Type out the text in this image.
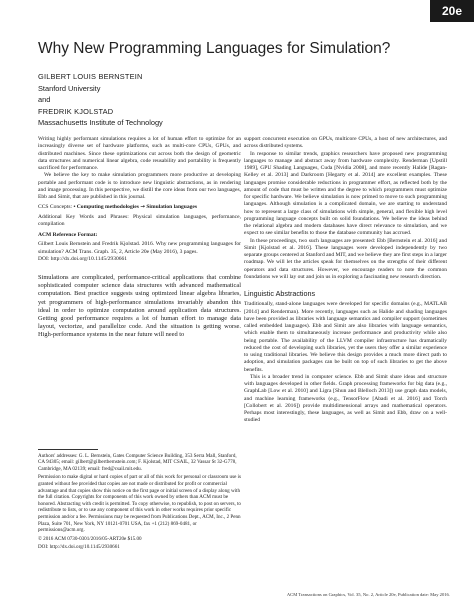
20e
Why New Programming Languages for Simulation?
GILBERT LOUIS BERNSTEIN
Stanford University
and
FREDRIK KJOLSTAD
Massachusetts Institute of Technology

Writing highly performant simulations requires a lot of human effort to optimize for an increasingly diverse set of hardware platforms, such as multi-core CPUs, GPUs, and distributed machines. Since these optimizations cut across both the design of geometric data structures and numerical linear algebra, code reusability and portability is frequently sacrificed for performance.

We believe the key to make simulation programmers more productive at developing portable and performant code is to introduce new linguistic abstractions, as in rendering and image processing. In this perspective, we distill the core ideas from our two languages, Ebb and Simit, that are published in this journal.

CCS Concepts: • Computing methodologies → Simulation languages

Additional Key Words and Phrases: Physical simulation languages, performance, compilation

ACM Reference Format:

Gilbert Louis Bernstein and Fredrik Kjolstad. 2016. Why new programming languages for simulation? ACM Trans. Graph. 35, 2, Article 20e (May 2016), 3 pages.

DOI: http://dx.doi.org/10.1145/2930661

Simulations are complicated, performance-critical applications that combine sophisticated computer science data structures with advanced mathematical computation. Best practice suggests using optimized linear algebra libraries, yet programmers of high-performance simulations invariably abandon this ideal in order to optimize computation around application data structures. Getting good performance requires a lot of human effort to manage data layout, vectorize, and parallelize code. And the situation is getting worse. High-performance systems in the near future will need to

Authors' addresses: G. L. Bernstein, Gates Computer Science Building, 353 Serra Mall, Stanford, CA 94305; email: gilbert@gilbertbernstein.com; F. Kjolstad, MIT CSAIL, 32 Vassar St 32-G778, Cambridge, MA 02139; email: fred@csail.mit.edu.

Permission to make digital or hard copies of part or all of this work for personal or classroom use is granted without fee provided that copies are not made or distributed for profit or commercial advantage and that copies show this notice on the first page or initial screen of a display along with the full citation. Copyrights for components of this work owned by others than ACM must be honored. Abstracting with credit is permitted. To copy otherwise, to republish, to post on servers, to redistribute to lists, or to use any component of this work in other works requires prior specific permission and/or a fee. Permissions may be requested from Publications Dept., ACM, Inc., 2 Penn Plaza, Suite 701, New York, NY 10121-0701 USA, fax +1 (212) 869-0481, or permissions@acm.org.

© 2016 ACM 0730-0301/2016/05-ART20e $15.00

DOI: http://dx.doi.org/10.1145/2930661

support concurrent execution on GPUs, multicore CPUs, a host of new architectures, and across distributed systems.

In response to similar trends, graphics researchers have proposed new programming languages to manage and abstract away from hardware complexity. Renderman [Upstill 1989], GPU Shading Languages, Cuda [Nvidia 2008], and more recently Halide [Ragan-Kelley et al. 2013] and Darkroom [Hegarty et al. 2014] are excellent examples. These languages promise considerable reductions in programmer effort, as reflected both by the amount of code that must be written and the degree to which programmers must optimize for specific hardware. We believe simulation is now primed to move to such programming languages. Although simulation is a complicated domain, we are starting to understand how to represent a large class of simulations with simple, general, and flexible high level programming language concepts built on solid foundations. We believe the ideas behind the relational algebra and modern databases have direct relevance to simulation, and we expect to see similar benefits to those the database community has accrued.

In these proceedings, two such languages are presented: Ebb [Bernstein et al. 2016] and Simit [Kjolstad et al. 2016]. These languages were developed independently by two separate groups centered at Stanford and MIT, and we believe they are first steps in a larger roadmap. We will let the articles speak for themselves on the strengths of their different operators and data structures. However, we encourage readers to note the common foundations we will lay out and join us in exploring a fascinating new research direction.

Linguistic Abstractions

Traditionally, stand-alone languages were developed for specific domains (e.g., MATLAB [2014] and Renderman). More recently, languages such as Halide and shading languages have been provided as libraries with language semantics and compiler support (sometimes called embedded languages). Ebb and Simit are also libraries with language semantics, which enable them to simultaneously increase performance and productivity while also being portable. The availability of the LLVM compiler infrastructure has dramatically reduced the cost of developing such libraries, yet the users they offer a similar experience to using traditional libraries. We believe this design provides a much more direct path to adoption, and simulation packages can be built on top of such libraries to get the above benefits.

This is a broader trend in computer science. Ebb and Simit share ideas and structure with languages developed in other fields. Graph processing frameworks for big data (e.g., GraphLab [Low et al. 2010] and Ligra [Shun and Blelloch 2013]) use graph data models, and machine learning frameworks (e.g., TensorFlow [Abadi et al. 2016] and Torch [Collobert et al. 2016]) provide multidimensional arrays and mathematical operators. Perhaps most interestingly, these languages, as well as Simit and Ebb, draw on a well-studied

ACM Transactions on Graphics, Vol. 35, No. 2, Article 20e, Publication date: May 2016.
